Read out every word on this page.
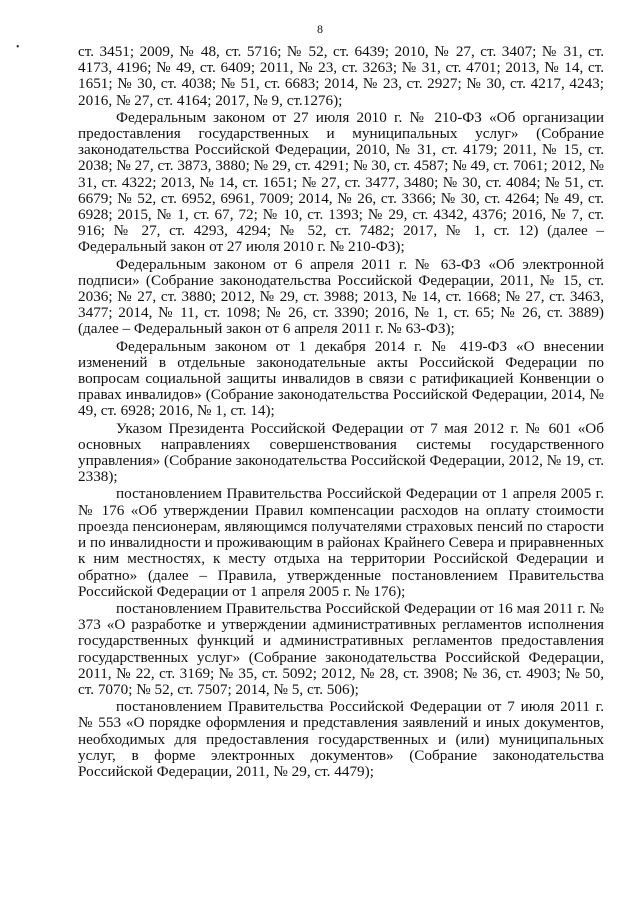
8
•	ст. 3451; 2009, № 48, ст. 5716; № 52, ст. 6439; 2010, № 27, ст. 3407; № 31, ст. 4173, 4196; № 49, ст. 6409; 2011, № 23, ст. 3263; № 31, ст. 4701; 2013, № 14, ст. 1651; № 30, ст. 4038; № 51, ст. 6683; 2014, № 23, ст. 2927; № 30, ст. 4217, 4243; 2016, № 27, ст. 4164; 2017, № 9, ст.1276);

Федеральным законом от 27 июля 2010 г. № 210-ФЗ «Об организации предоставления государственных и муниципальных услуг» (Собрание законодательства Российской Федерации, 2010, № 31, ст. 4179; 2011, № 15, ст. 2038; № 27, ст. 3873, 3880; № 29, ст. 4291; № 30, ст. 4587; № 49, ст. 7061; 2012, № 31, ст. 4322; 2013, № 14, ст. 1651; № 27, ст. 3477, 3480; № 30, ст. 4084; № 51, ст. 6679; № 52, ст. 6952, 6961, 7009; 2014, № 26, ст. 3366; № 30, ст. 4264; № 49, ст. 6928; 2015, № 1, ст. 67, 72; № 10, ст. 1393; № 29, ст. 4342, 4376; 2016, № 7, ст. 916; № 27, ст. 4293, 4294; № 52, ст. 7482; 2017, № 1, ст. 12) (далее – Федеральный закон от 27 июля 2010 г. № 210-ФЗ);

Федеральным законом от 6 апреля 2011 г. № 63-ФЗ «Об электронной подписи» (Собрание законодательства Российской Федерации, 2011, № 15, ст. 2036; № 27, ст. 3880; 2012, № 29, ст. 3988; 2013, № 14, ст. 1668; № 27, ст. 3463, 3477; 2014, № 11, ст. 1098; № 26, ст. 3390; 2016, № 1, ст. 65; № 26, ст. 3889) (далее – Федеральный закон от 6 апреля 2011 г. № 63-ФЗ);

Федеральным законом от 1 декабря 2014 г. № 419-ФЗ «О внесении изменений в отдельные законодательные акты Российской Федерации по вопросам социальной защиты инвалидов в связи с ратификацией Конвенции о правах инвалидов» (Собрание законодательства Российской Федерации, 2014, № 49, ст. 6928; 2016, № 1, ст. 14);

Указом Президента Российской Федерации от 7 мая 2012 г. № 601 «Об основных направлениях совершенствования системы государственного управления» (Собрание законодательства Российской Федерации, 2012, № 19, ст. 2338);

постановлением Правительства Российской Федерации от 1 апреля 2005 г. № 176 «Об утверждении Правил компенсации расходов на оплату стоимости проезда пенсионерам, являющимся получателями страховых пенсий по старости и по инвалидности и проживающим в районах Крайнего Севера и приравненных к ним местностях, к месту отдыха на территории Российской Федерации и обратно» (далее – Правила, утвержденные постановлением Правительства Российской Федерации от 1 апреля 2005 г. № 176);

постановлением Правительства Российской Федерации от 16 мая 2011 г. № 373 «О разработке и утверждении административных регламентов исполнения государственных функций и административных регламентов предоставления государственных услуг» (Собрание законодательства Российской Федерации, 2011, № 22, ст. 3169; № 35, ст. 5092; 2012, № 28, ст. 3908; № 36, ст. 4903; № 50, ст. 7070; № 52, ст. 7507; 2014, № 5, ст. 506);

постановлением Правительства Российской Федерации от 7 июля 2011 г. № 553 «О порядке оформления и представления заявлений и иных документов, необходимых для предоставления государственных и (или) муниципальных услуг, в форме электронных документов» (Собрание законодательства Российской Федерации, 2011, № 29, ст. 4479);
